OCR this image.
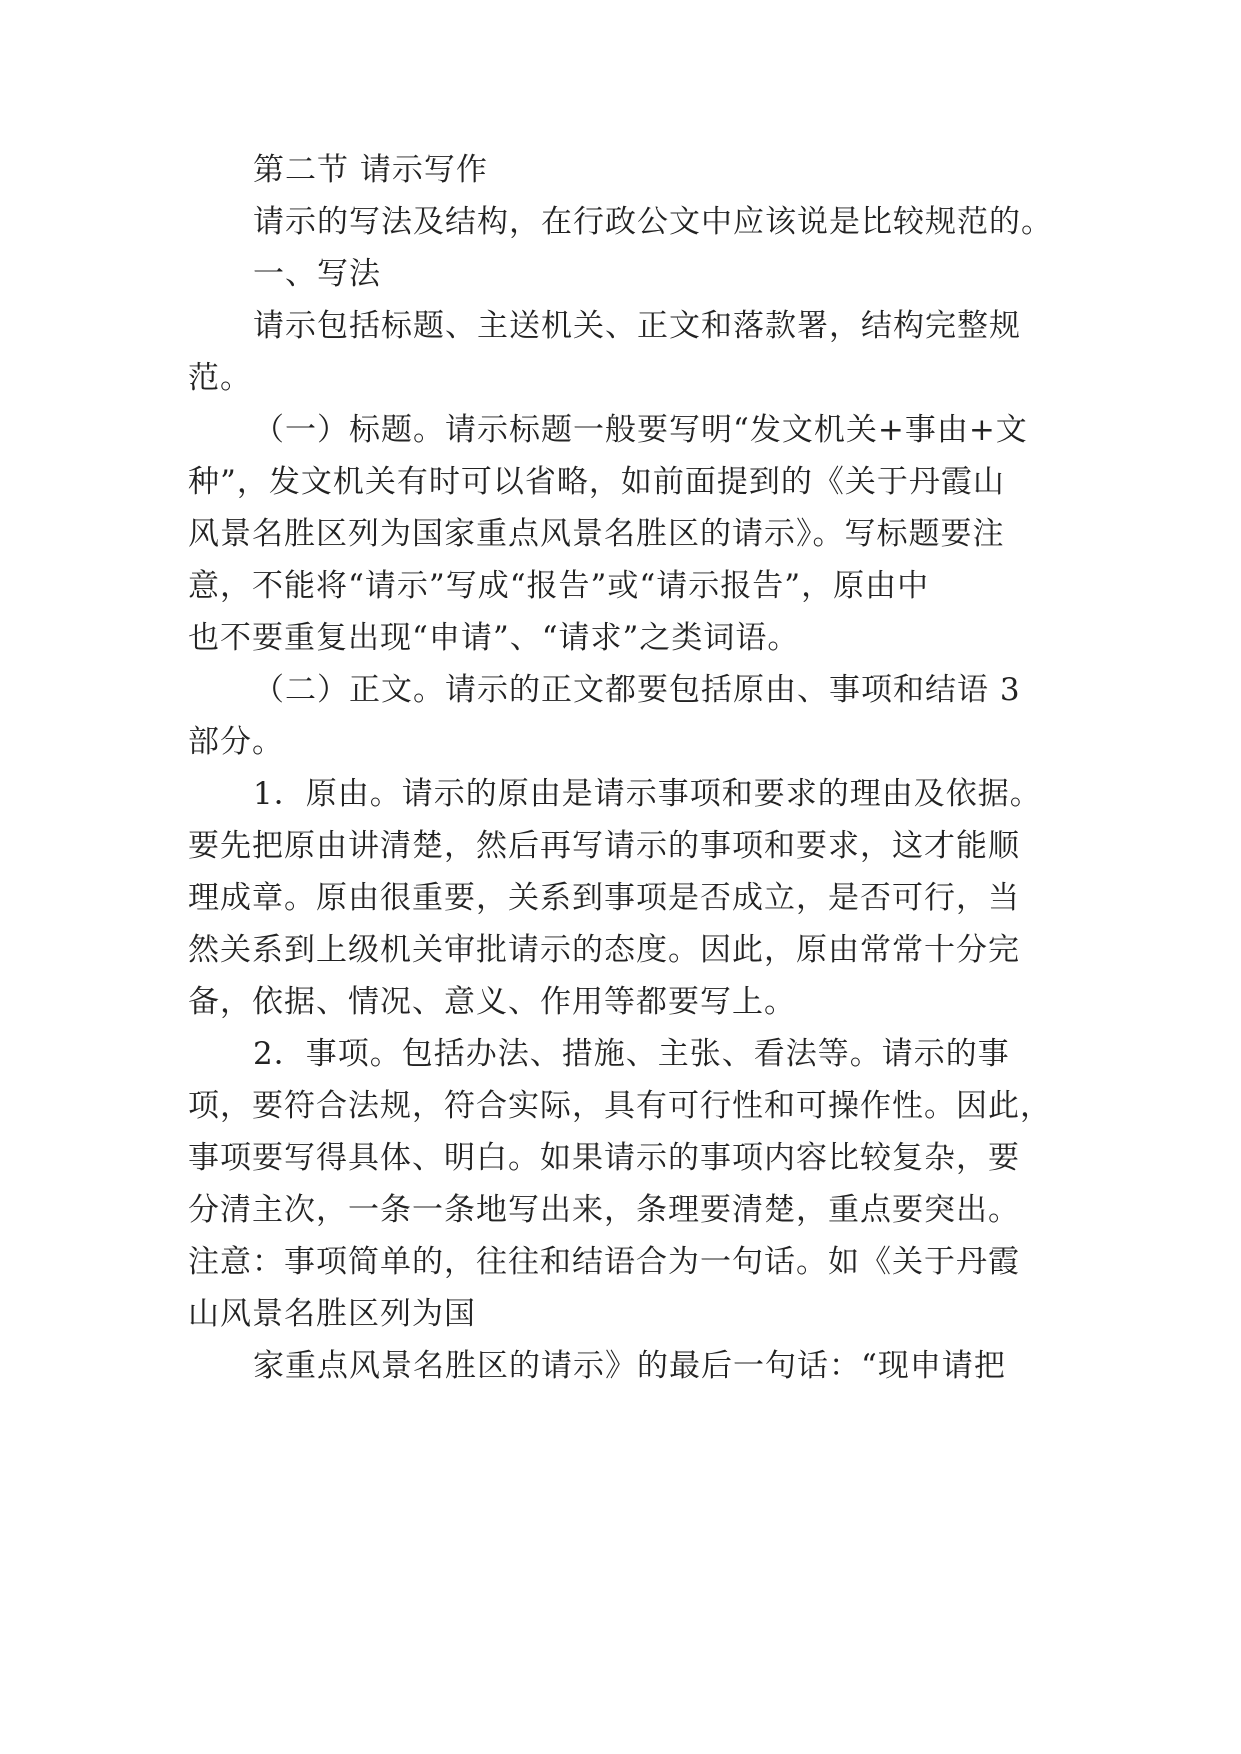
第二节 请示写作
请示的写法及结构，在行政公文中应该说是比较规范的。
一、写法
请示包括标题、主送机关、正文和落款署，结构完整规
范。
（一）标题。请示标题一般要写明“发文机关+事由+文
种”，发文机关有时可以省略，如前面提到的《关于丹霞山
风景名胜区列为国家重点风景名胜区的请示》。写标题要注
意，不能将“请示”写成“报告”或“请示报告”，原由中
也不要重复出现“申请”、“请求”之类词语。
（二）正文。请示的正文都要包括原由、事项和结语 3
部分。
1．原由。请示的原由是请示事项和要求的理由及依据。
要先把原由讲清楚，然后再写请示的事项和要求，这才能顺
理成章。原由很重要，关系到事项是否成立，是否可行，当
然关系到上级机关审批请示的态度。因此，原由常常十分完
备，依据、情况、意义、作用等都要写上。
2．事项。包括办法、措施、主张、看法等。请示的事
项，要符合法规，符合实际，具有可行性和可操作性。因此，
事项要写得具体、明白。如果请示的事项内容比较复杂，要
分清主次，一条一条地写出来，条理要清楚，重点要突出。
注意：事项简单的，往往和结语合为一句话。如《关于丹霞
山风景名胜区列为国
家重点风景名胜区的请示》的最后一句话：“现申请把
